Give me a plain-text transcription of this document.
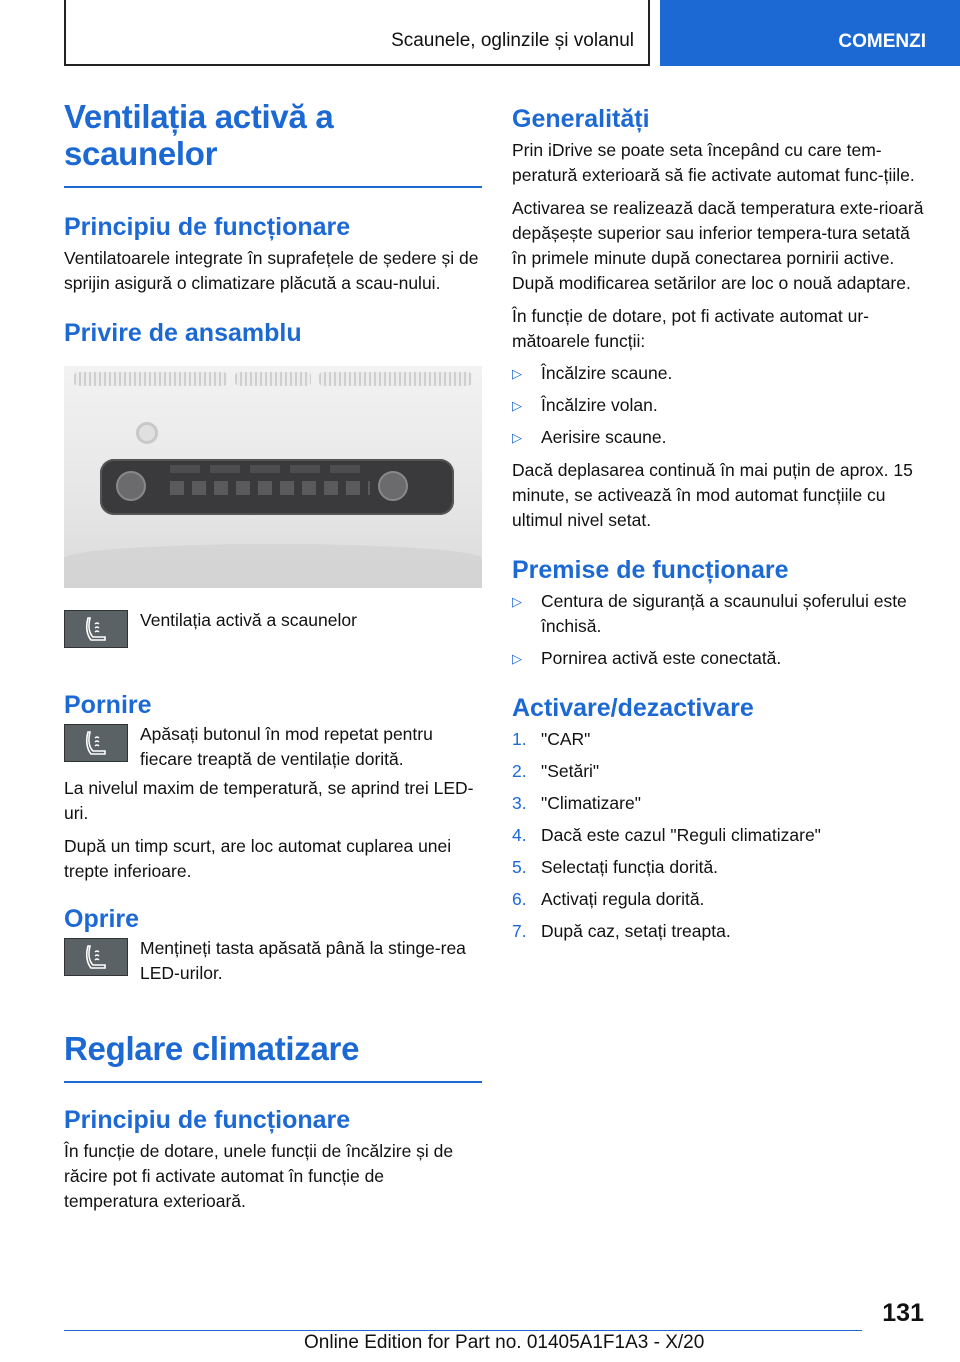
Scaunele, oglinzile și volanul	COMENZI
Ventilația activă a scaunelor
Principiu de funcționare

Ventilatoarele integrate în suprafețele de ședere și de sprijin asigură o climatizare plăcută a scau-nului.

Privire de ansamblu

Ventilația activă a scaunelor

Pornire

Apăsați butonul în mod repetat pentru fiecare treaptă de ventilație dorită.

La nivelul maxim de temperatură, se aprind trei LED-uri.

După un timp scurt, are loc automat cuplarea unei trepte inferioare.

Oprire

Mențineți tasta apăsată până la stinge-rea LED-urilor.

Reglare climatizare
Principiu de funcționare

În funcție de dotare, unele funcții de încălzire și de răcire pot fi activate automat în funcție de temperatura exterioară.

Generalități

Prin iDrive se poate seta începând cu care tem-peratură exterioară să fie activate automat func-țiile.

Activarea se realizează dacă temperatura exte-rioară depășește superior sau inferior tempera-tura setată în primele minute după conectarea pornirii active. După modificarea setărilor are loc o nouă adaptare.

În funcție de dotare, pot fi activate automat ur-mătoarele funcții:

▷	Încălzire scaune.
▷	Încălzire volan.
▷	Aerisire scaune.

Dacă deplasarea continuă în mai puțin de aprox. 15 minute, se activează în mod automat funcțiile cu ultimul nivel setat.

Premise de funcționare
▷	Centura de siguranță a scaunului șoferului este închisă.
▷	Pornirea activă este conectată.
Activare/dezactivare
1. "CAR"
2. "Setări"
3. "Climatizare"
4. Dacă este cazul "Reguli climatizare"
5. Selectați funcția dorită.
6. Activați regula dorită.
7. După caz, setați treapta.
131
Online Edition for Part no. 01405A1F1A3 - X/20
